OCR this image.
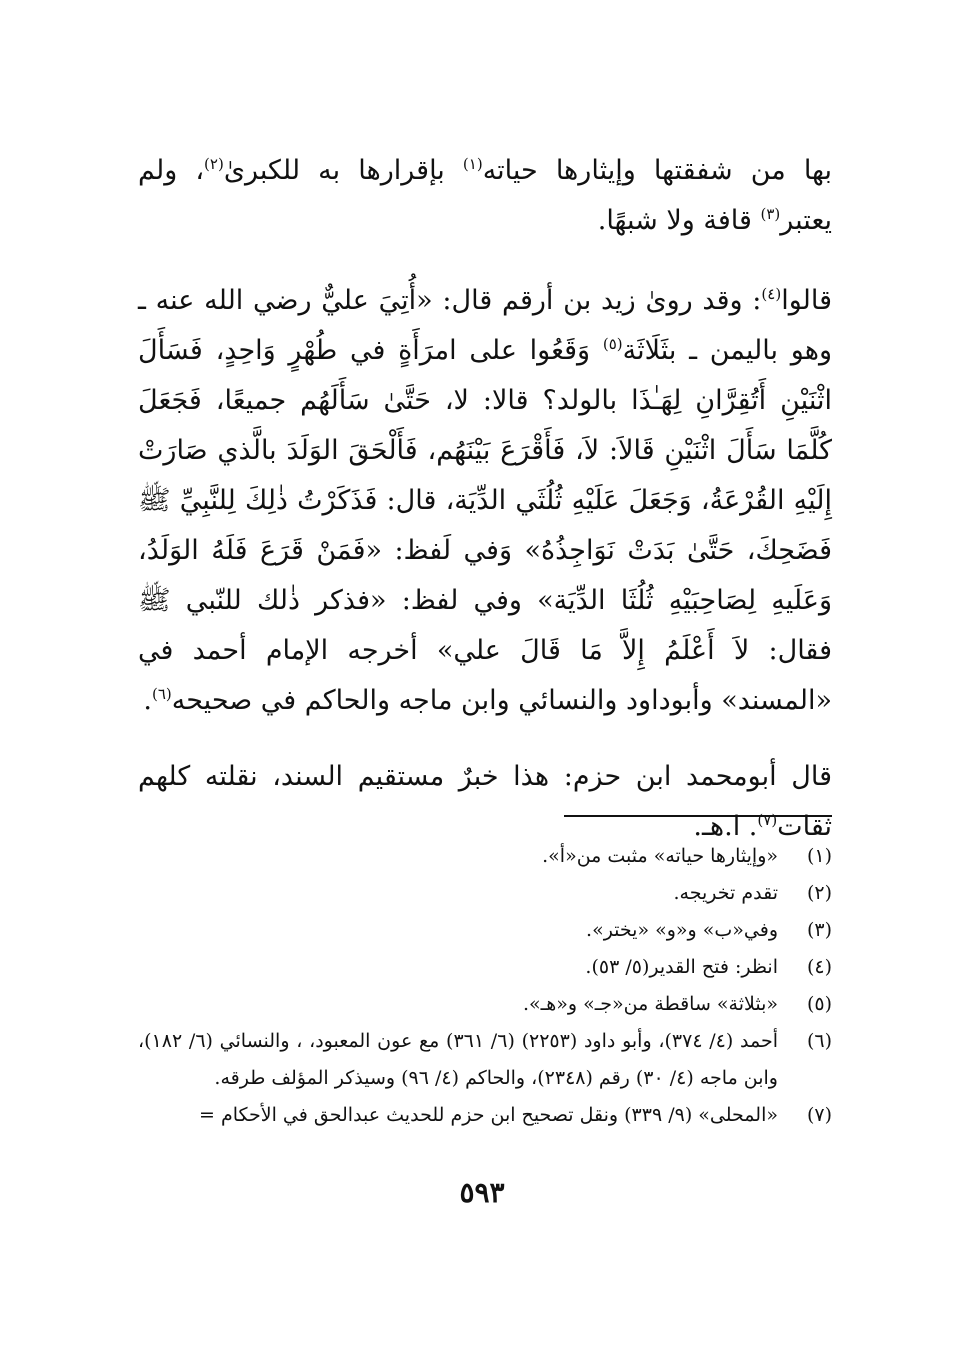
بها من شفقتها وإيثارها حياته$^{(١)}$ بإقرارها به للكبرىٰ$^{(٢)}$، ولم يعتبر$^{(٣)}$ قافة ولا شبهًا.

قالوا$^{(٤)}$: وقد روىٰ زيد بن أرقم قال: «أُتِيَ عليٌّ رضي الله عنه ـ وهو باليمن ـ بثَلَاثَة$^{(٥)}$ وَقَعُوا على امرَأَةٍ في طُهْرٍ وَاحِدٍ، فَسَأَلَ اثْنَيْنِ أَتُقِرَّانِ لِهَـٰذَا بالولد؟ قالا: لا، حَتَّىٰ سَأَلَهُم جميعًا، فَجَعَلَ كُلَّمَا سَأَلَ اثْنَيْنِ قَالاَ: لاَ، فَأَقْرَعَ بَيْنَهُم، فَأَلْحَقَ الوَلَدَ بالَّذي صَارَتْ إِلَيْهِ القُرْعَةُ، وَجَعَلَ عَلَيْهِ ثُلُثَي الدِّيَة، قال: فَذَكَرْتُ ذٰلِكَ لِلنَّبِيِّ ﷺ فَضَحِكَ، حَتَّىٰ بَدَتْ نَوَاجِذُهُ» وَفي لَفظ: «فَمَنْ قَرَعَ فَلَهُ الوَلَدُ، وَعَلَيهِ لِصَاحِبَيْهِ ثُلُثَا الدِّيَة» وفي لفظ: «فذكر ذٰلك للنّبي ﷺ فقال: لاَ أَعْلَمُ إِلاَّ مَا قَالَ علي» أخرجه الإمام أحمد في «المسند» وأبوداود والنسائي وابن ماجه والحاكم في صحيحه$^{(٦)}$.

قال أبومحمد ابن حزم: هذا خبرٌ مستقيم السند، نقلته كلهم ثقات$^{(٧)}$. ا.هـ.

(١)
«وإيثارها حياته» مثبت من«أ».
(٢)
تقدم تخريجه.
(٣)
وفي«ب» و«و» «يختر».
(٤)
انظر: فتح القدير(٥/ ٥٣).
(٥)
«بثلاثة» ساقطة من«جـ» و«هـ».
(٦)
أحمد (٤/ ٣٧٤)، وأبو داود (٢٢٥٣) (٦/ ٣٦١) مع عون المعبود، ، والنسائي (٦/ ١٨٢)، وابن ماجه (٤/ ٣٠) رقم (٢٣٤٨)، والحاكم (٤/ ٩٦) وسيذكر المؤلف طرقه.
(٧)
«المحلى» (٩/ ٣٣٩) ونقل تصحيح ابن حزم للحديث عبدالحق في الأحكام =
٥٩٣
